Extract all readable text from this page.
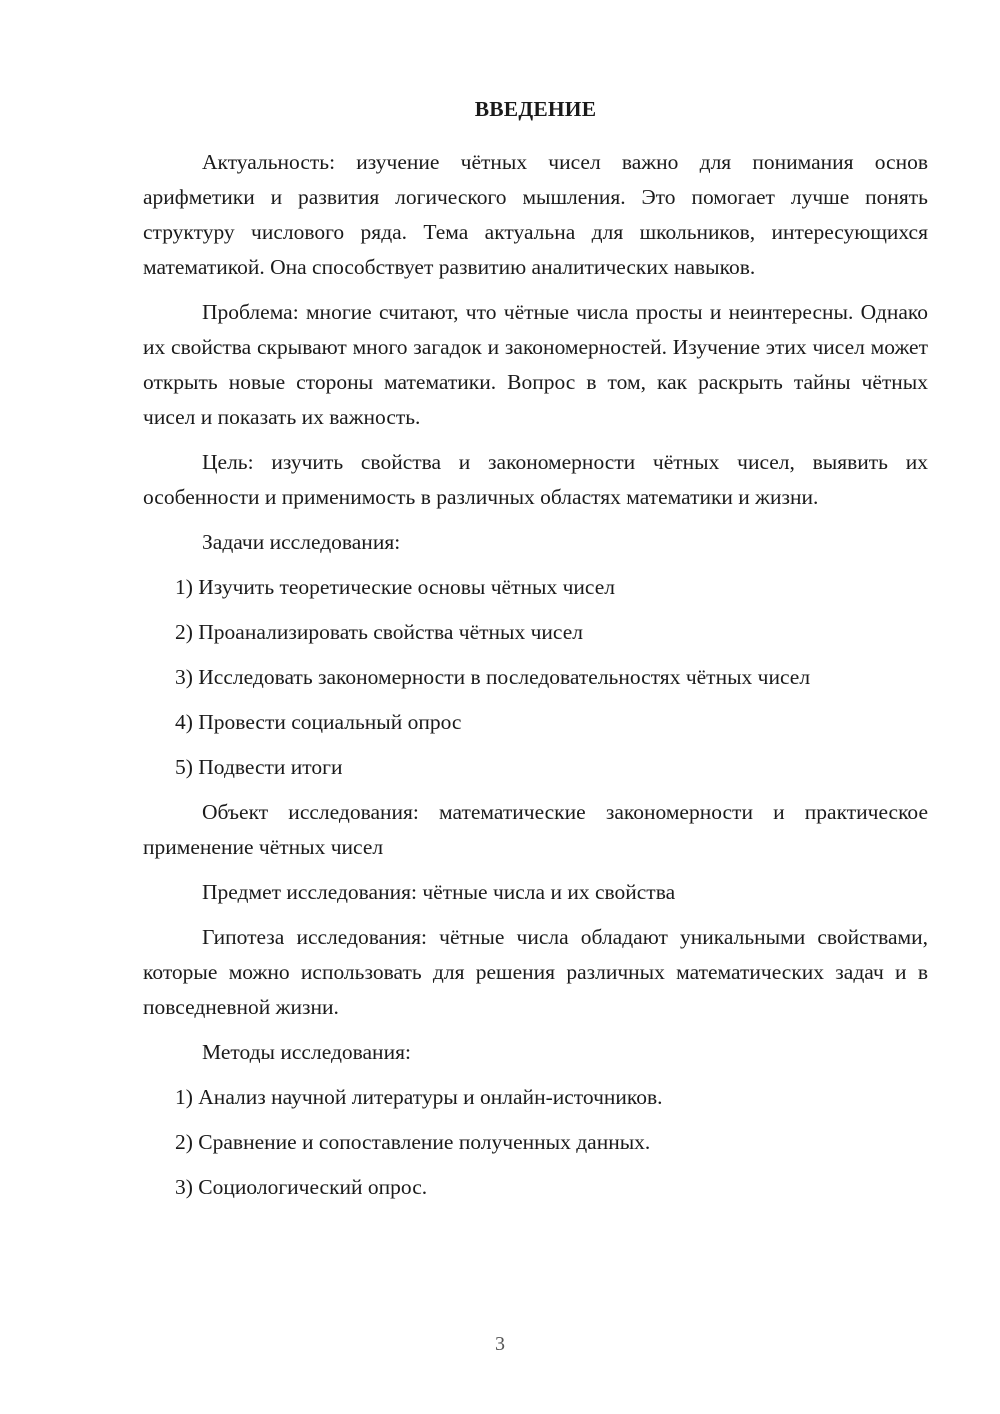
ВВЕДЕНИЕ

Актуальность: изучение чётных чисел важно для понимания основ арифметики и развития логического мышления. Это помогает лучше понять структуру числового ряда. Тема актуальна для школьников, интересующихся математикой. Она способствует развитию аналитических навыков.

Проблема: многие считают, что чётные числа просты и неинтересны. Однако их свойства скрывают много загадок и закономерностей. Изучение этих чисел может открыть новые стороны математики. Вопрос в том, как раскрыть тайны чётных чисел и показать их важность.

Цель: изучить свойства и закономерности чётных чисел, выявить их особенности и применимость в различных областях математики и жизни.

Задачи исследования:

1) Изучить теоретические основы чётных чисел
2) Проанализировать свойства чётных чисел
3) Исследовать закономерности в последовательностях чётных чисел
4) Провести социальный опрос
5) Подвести итоги

Объект исследования: математические закономерности и практическое применение чётных чисел

Предмет исследования: чётные числа и их свойства

Гипотеза исследования: чётные числа обладают уникальными свойствами, которые можно использовать для решения различных математических задач и в повседневной жизни.

Методы исследования:

1) Анализ научной литературы и онлайн-источников.
2) Сравнение и сопоставление полученных данных.
3) Социологический опрос.
3
